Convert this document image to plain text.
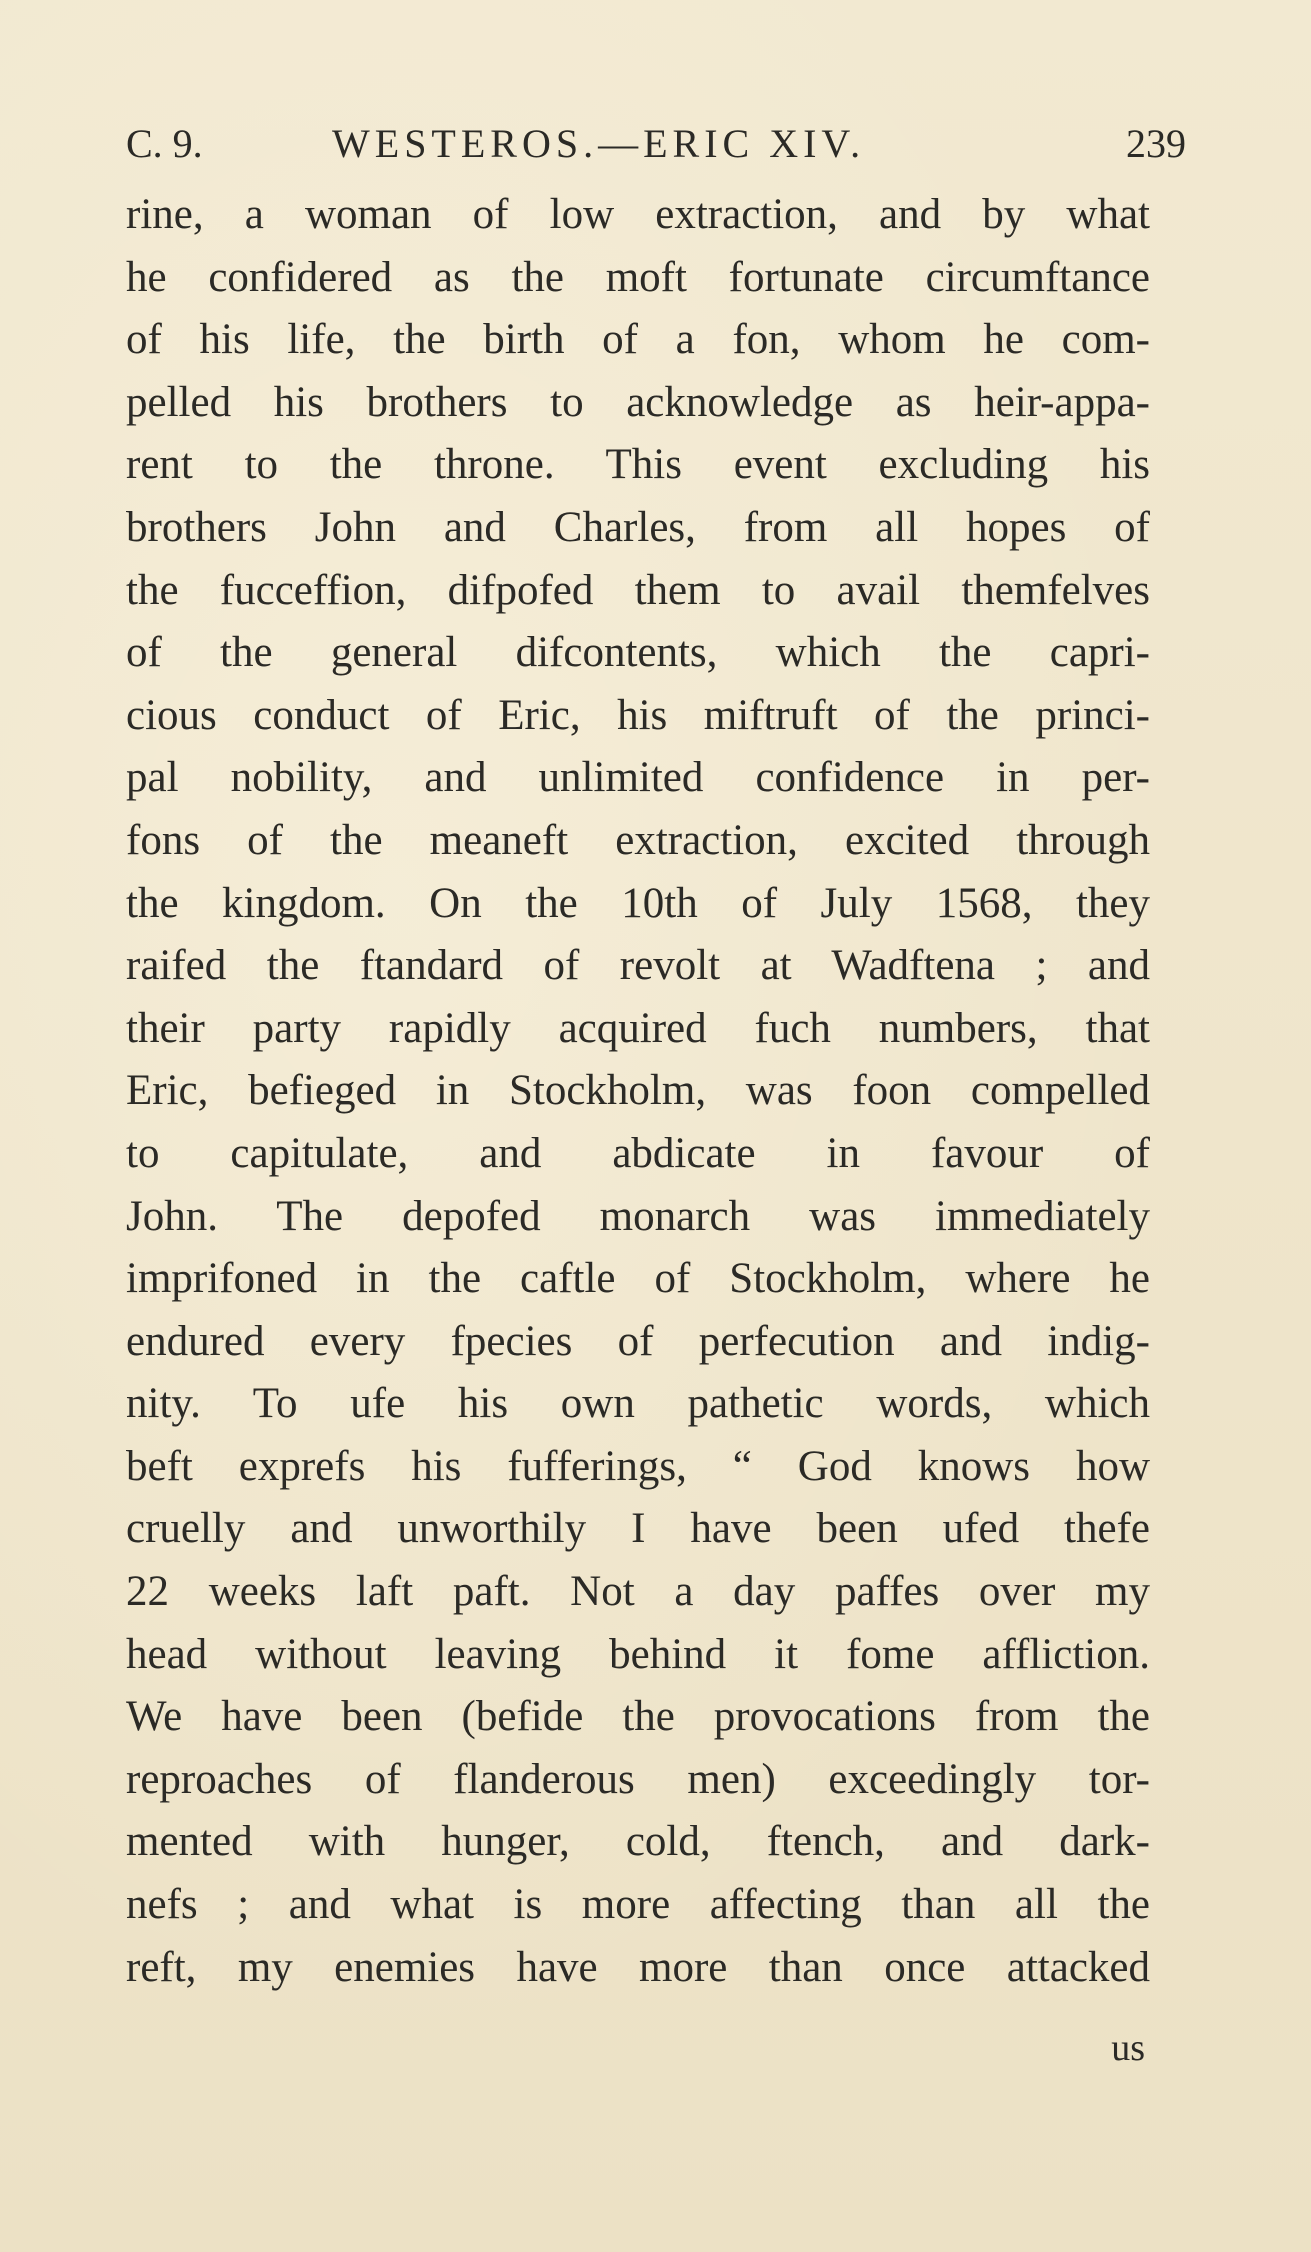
C. 9.	WESTEROS.—ERIC XIV.	239
rine, a woman of low extraction, and by what
he confidered as the moft fortunate circumftance
of his life, the birth of a fon, whom he com-
pelled his brothers to acknowledge as heir-appa-
rent to the throne. This event excluding his
brothers John and Charles, from all hopes of
the fucceffion, difpofed them to avail themfelves
of the general difcontents, which the capri-
cious conduct of Eric, his miftruft of the princi-
pal nobility, and unlimited confidence in per-
fons of the meaneft extraction, excited through
the kingdom. On the 10th of July 1568, they
raifed the ftandard of revolt at Wadftena ; and
their party rapidly acquired fuch numbers, that
Eric, befieged in Stockholm, was foon compelled
to capitulate, and abdicate in favour of
John. The depofed monarch was immediately
imprifoned in the caftle of Stockholm, where he
endured every fpecies of perfecution and indig-
nity. To ufe his own pathetic words, which
beft exprefs his fufferings, “ God knows how
cruelly and unworthily I have been ufed thefe
22 weeks laft paft. Not a day paffes over my
head without leaving behind it fome affliction.
We have been (befide the provocations from the
reproaches of flanderous men) exceedingly tor-
mented with hunger, cold, ftench, and dark-
nefs ; and what is more affecting than all the
reft, my enemies have more than once attacked
us
